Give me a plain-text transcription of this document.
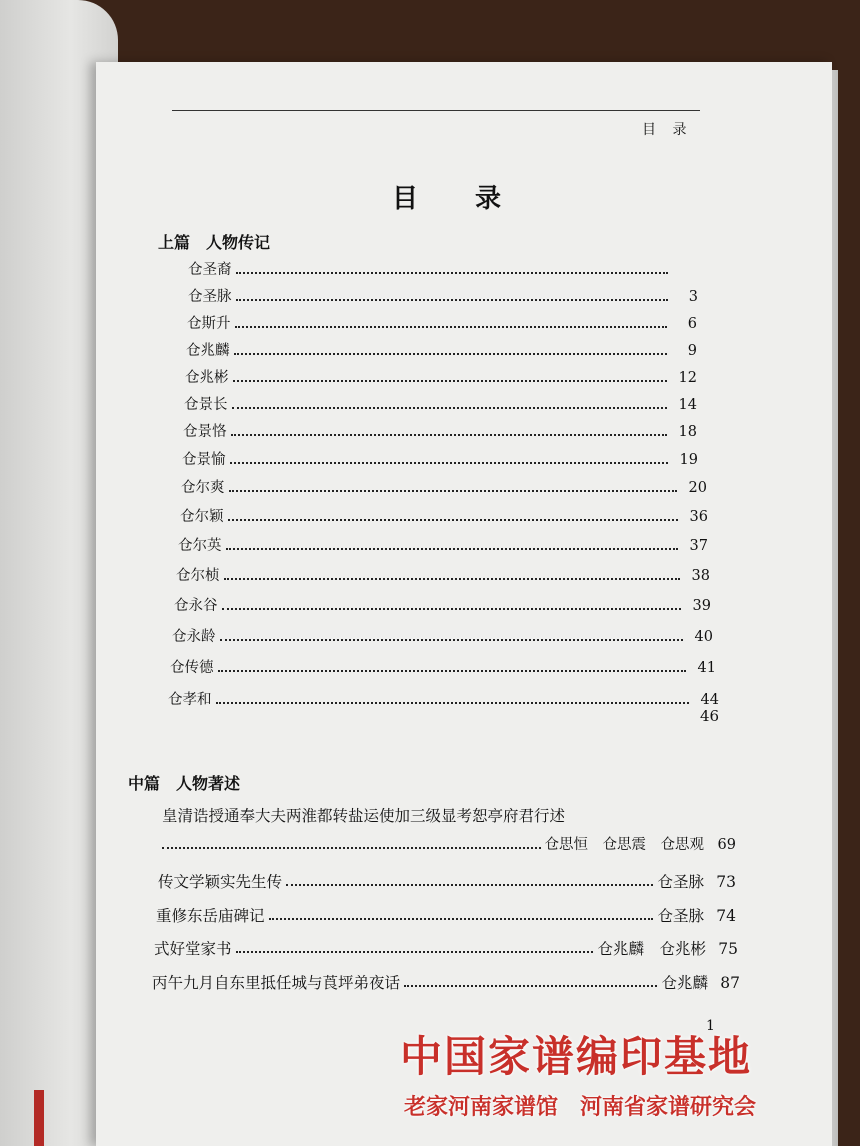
目 录
目 录
上篇　人物传记
仓圣裔
仓圣脉	3
仓斯升	6
仓兆麟	9
仓兆彬	12
仓景长	14
仓景恪	18
仓景愉	19
仓尔爽	20
仓尔颖	36
仓尔英	37
仓尔桢	38
仓永谷	39
仓永龄	40
仓传德	41
仓孝和	44
46
中篇　人物著述
皇清诰授通奉大夫两淮都转盐运使加三级显考恕亭府君行述
仓思恒　仓思震　仓思观 69
传文学颖实先生传	仓圣脉 73
重修东岳庙碑记	仓圣脉 74
式好堂家书	仓兆麟　仓兆彬 75
丙午九月自东里抵任城与莨坪弟夜话	仓兆麟 87
1
中国家谱编印基地
老家河南家谱馆　河南省家谱研究会
